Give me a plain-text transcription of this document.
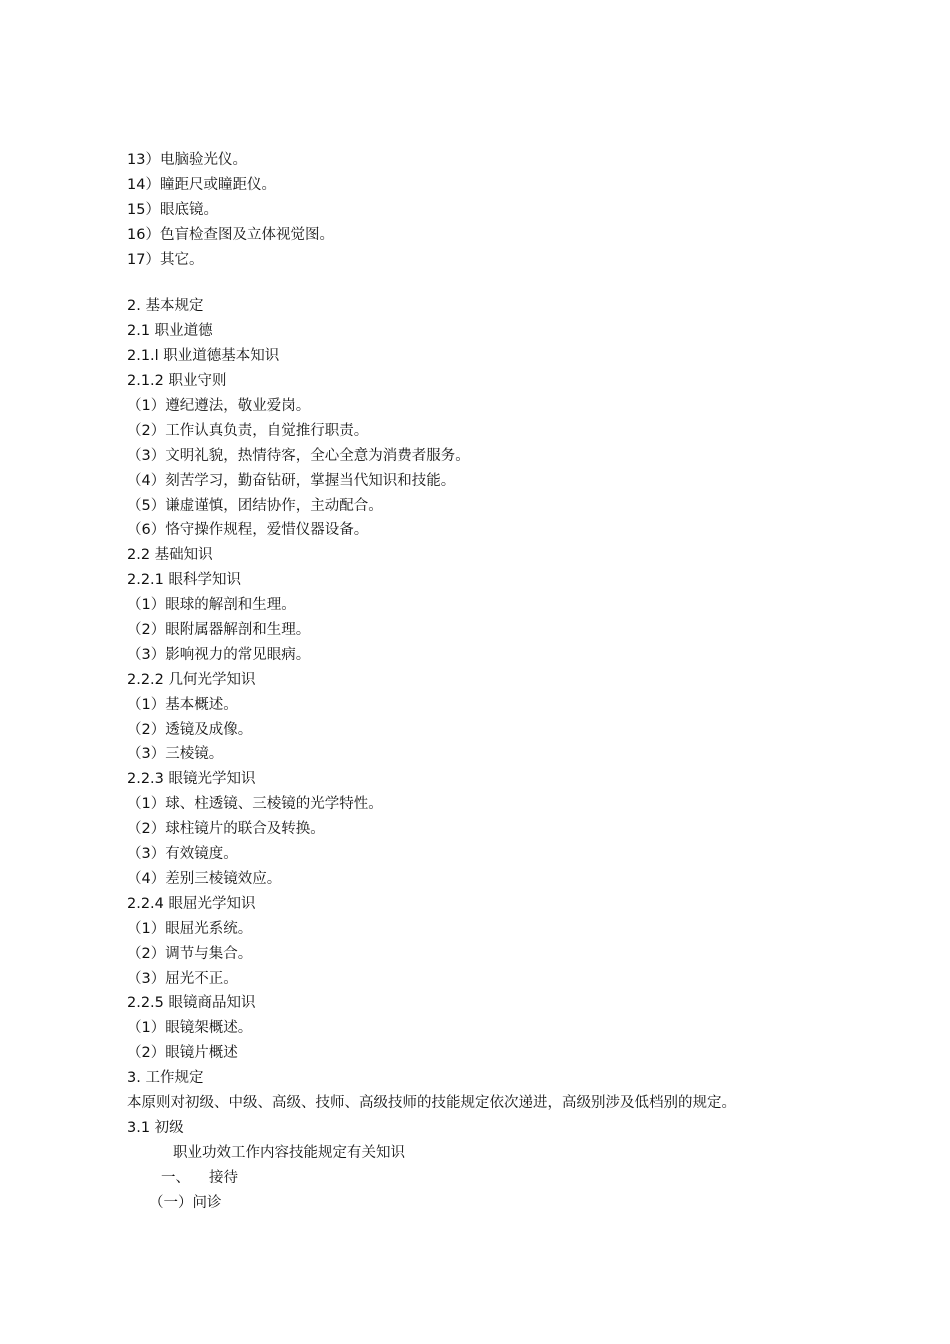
13）电脑验光仪。
14）瞳距尺或瞳距仪。
15）眼底镜。
16）色盲检查图及立体视觉图。
17）其它。
2. 基本规定
2.1 职业道德
2.1.l 职业道德基本知识
2.1.2 职业守则
（1）遵纪遵法，敬业爱岗。
（2）工作认真负责，自觉推行职责。
（3）文明礼貌，热情待客，全心全意为消费者服务。
（4）刻苦学习，勤奋钻研，掌握当代知识和技能。
（5）谦虚谨慎，团结协作，主动配合。
（6）恪守操作规程，爱惜仪器设备。
2.2 基础知识
2.2.1 眼科学知识
（1）眼球的解剖和生理。
（2）眼附属器解剖和生理。
（3）影响视力的常见眼病。
2.2.2 几何光学知识
（1）基本概述。
（2）透镜及成像。
（3）三棱镜。
2.2.3 眼镜光学知识
（1）球、柱透镜、三棱镜的光学特性。
（2）球柱镜片的联合及转换。
（3）有效镜度。
（4）差别三棱镜效应。
2.2.4 眼屈光学知识
（1）眼屈光系统。
（2）调节与集合。
（3）屈光不正。
2.2.5 眼镜商品知识
（1）眼镜架概述。
（2）眼镜片概述
3. 工作规定
本原则对初级、中级、高级、技师、高级技师的技能规定依次递进，高级别涉及低档别的规定。
3.1 初级
职业功效工作内容技能规定有关知识
一、 接待
（一）问诊
